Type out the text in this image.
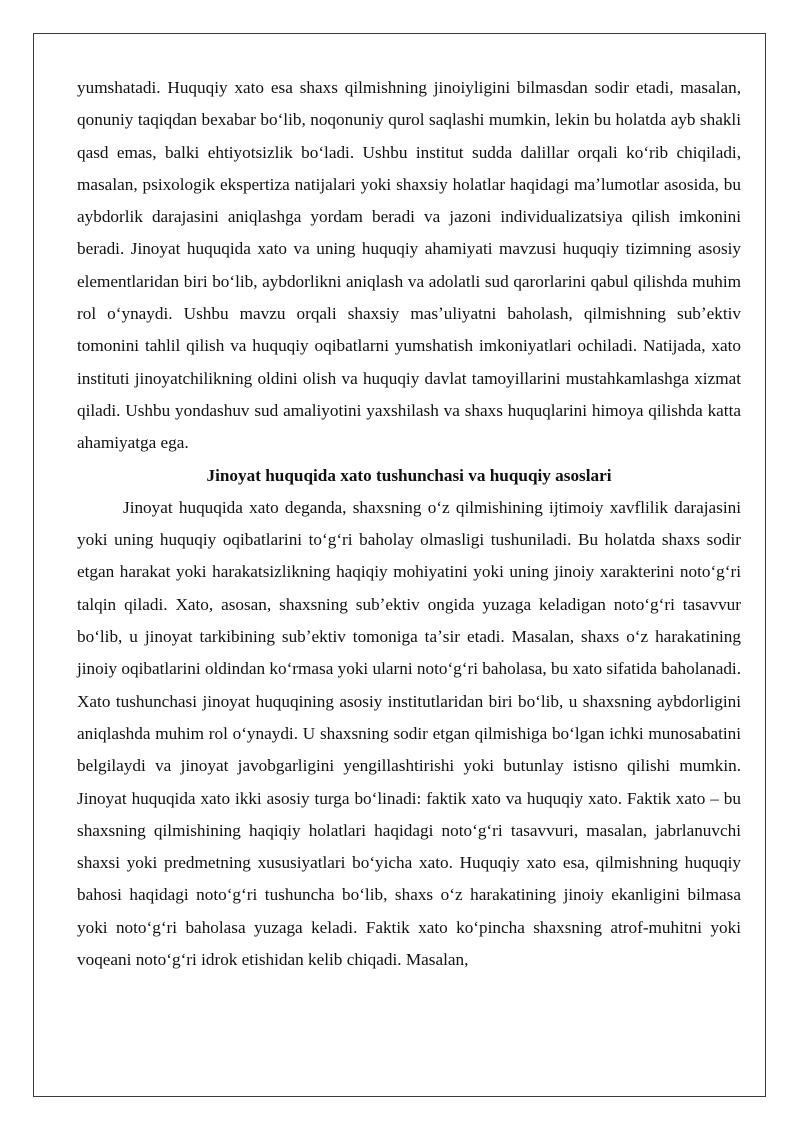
yumshatadi. Huquqiy xato esa shaxs qilmishning jinoiyligini bilmasdan sodir etadi, masalan, qonuniy taqiqdan bexabar boʻlib, noqonuniy qurol saqlashi mumkin, lekin bu holatda ayb shakli qasd emas, balki ehtiyotsizlik boʻladi. Ushbu institut sudda dalillar orqali koʻrib chiqiladi, masalan, psixologik ekspertiza natijalari yoki shaxsiy holatlar haqidagi maʼlumotlar asosida, bu aybdorlik darajasini aniqlashga yordam beradi va jazoni individualizatsiya qilish imkonini beradi. Jinoyat huquqida xato va uning huquqiy ahamiyati mavzusi huquqiy tizimning asosiy elementlaridan biri boʻlib, aybdorlikni aniqlash va adolatli sud qarorlarini qabul qilishda muhim rol oʻynaydi. Ushbu mavzu orqali shaxsiy masʼuliyatni baholash, qilmishning subʼektiv tomonini tahlil qilish va huquqiy oqibatlarni yumshatish imkoniyatlari ochiladi. Natijada, xato instituti jinoyatchilikning oldini olish va huquqiy davlat tamoyillarini mustahkamlashga xizmat qiladi. Ushbu yondashuv sud amaliyotini yaxshilash va shaxs huquqlarini himoya qilishda katta ahamiyatga ega.

Jinoyat huquqida xato tushunchasi va huquqiy asoslari

Jinoyat huquqida xato deganda, shaxsning oʻz qilmishining ijtimoiy xavflilik darajasini yoki uning huquqiy oqibatlarini toʻgʻri baholay olmasligi tushuniladi. Bu holatda shaxs sodir etgan harakat yoki harakatsizlikning haqiqiy mohiyatini yoki uning jinoiy xarakterini notoʻgʻri talqin qiladi. Xato, asosan, shaxsning subʼektiv ongida yuzaga keladigan notoʻgʻri tasavvur boʻlib, u jinoyat tarkibining subʼektiv tomoniga taʼsir etadi. Masalan, shaxs oʻz harakatining jinoiy oqibatlarini oldindan koʻrmasa yoki ularni notoʻgʻri baholasa, bu xato sifatida baholanadi. Xato tushunchasi jinoyat huquqining asosiy institutlaridan biri boʻlib, u shaxsning aybdorligini aniqlashda muhim rol oʻynaydi. U shaxsning sodir etgan qilmishiga boʻlgan ichki munosabatini belgilaydi va jinoyat javobgarligini yengillashtirishi yoki butunlay istisno qilishi mumkin. Jinoyat huquqida xato ikki asosiy turga boʻlinadi: faktik xato va huquqiy xato. Faktik xato – bu shaxsning qilmishining haqiqiy holatlari haqidagi notoʻgʻri tasavvuri, masalan, jabrlanuvchi shaxsi yoki predmetning xususiyatlari boʻyicha xato. Huquqiy xato esa, qilmishning huquqiy bahosi haqidagi notoʻgʻri tushuncha boʻlib, shaxs oʻz harakatining jinoiy ekanligini bilmasa yoki notoʻgʻri baholasa yuzaga keladi. Faktik xato koʻpincha shaxsning atrof-muhitni yoki voqeani notoʻgʻri idrok etishidan kelib chiqadi. Masalan,
